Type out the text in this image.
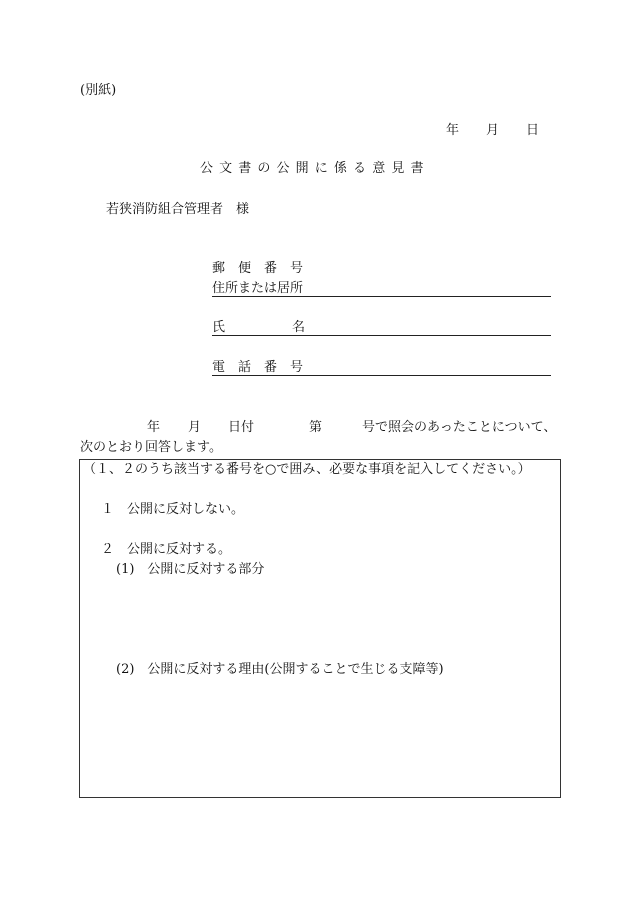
(別紙)
年 月 日
公 文 書 の 公 開 に 係 る 意 見 書
若狭消防組合管理者　様
郵　便　番　号
住所または居所
氏	名
電　話　番　号
年 月 日付	第	号で照会のあったことについて、
次のとおり回答します。
（１、２のうち該当する番号を○で囲み、必要な事項を記入してください。）
１　公開に反対しない。
２　公開に反対する。
(1)　公開に反対する部分
(2)　公開に反対する理由(公開することで生じる支障等)
